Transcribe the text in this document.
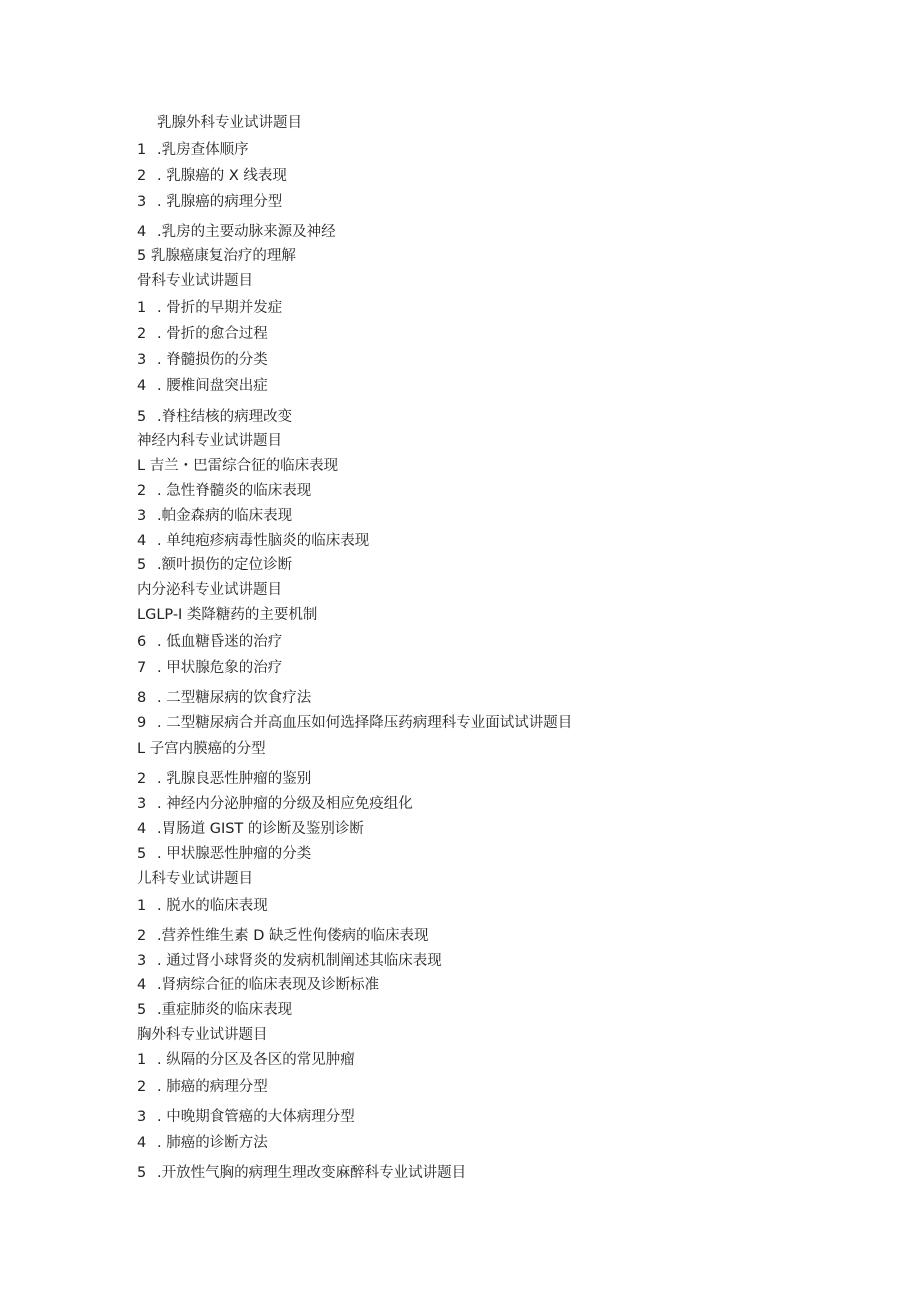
乳腺外科专业试讲题目
1 .乳房查体顺序
2 . 乳腺癌的 X 线表现
3 . 乳腺癌的病理分型
4 .乳房的主要动脉来源及神经
5 乳腺癌康复治疗的理解
骨科专业试讲题目
1 . 骨折的早期并发症
2 . 骨折的愈合过程
3 . 脊髓损伤的分类
4 . 腰椎间盘突出症
5 .脊柱结核的病理改变
神经内科专业试讲题目
L 吉兰・巴雷综合征的临床表现
2 . 急性脊髓炎的临床表现
3 .帕金森病的临床表现
4 . 单纯疱疹病毒性脑炎的临床表现
5 .额叶损伤的定位诊断
内分泌科专业试讲题目
LGLP-I 类降糖药的主要机制
6 . 低血糖昏迷的治疗
7 . 甲状腺危象的治疗
8 . 二型糖尿病的饮食疗法
9 . 二型糖尿病合并高血压如何选择降压药病理科专业面试试讲题目
L 子宫内膜癌的分型
2 . 乳腺良恶性肿瘤的鉴别
3 . 神经内分泌肿瘤的分级及相应免疫组化
4 .胃肠道 GIST 的诊断及鉴别诊断
5 . 甲状腺恶性肿瘤的分类
儿科专业试讲题目
1 . 脱水的临床表现
2 .营养性维生素 D 缺乏性佝偻病的临床表现
3 . 通过肾小球肾炎的发病机制阐述其临床表现
4 .肾病综合征的临床表现及诊断标准
5 .重症肺炎的临床表现
胸外科专业试讲题目
1 . 纵隔的分区及各区的常见肿瘤
2 . 肺癌的病理分型
3 . 中晚期食管癌的大体病理分型
4 . 肺癌的诊断方法
5 .开放性气胸的病理生理改变麻醉科专业试讲题目
